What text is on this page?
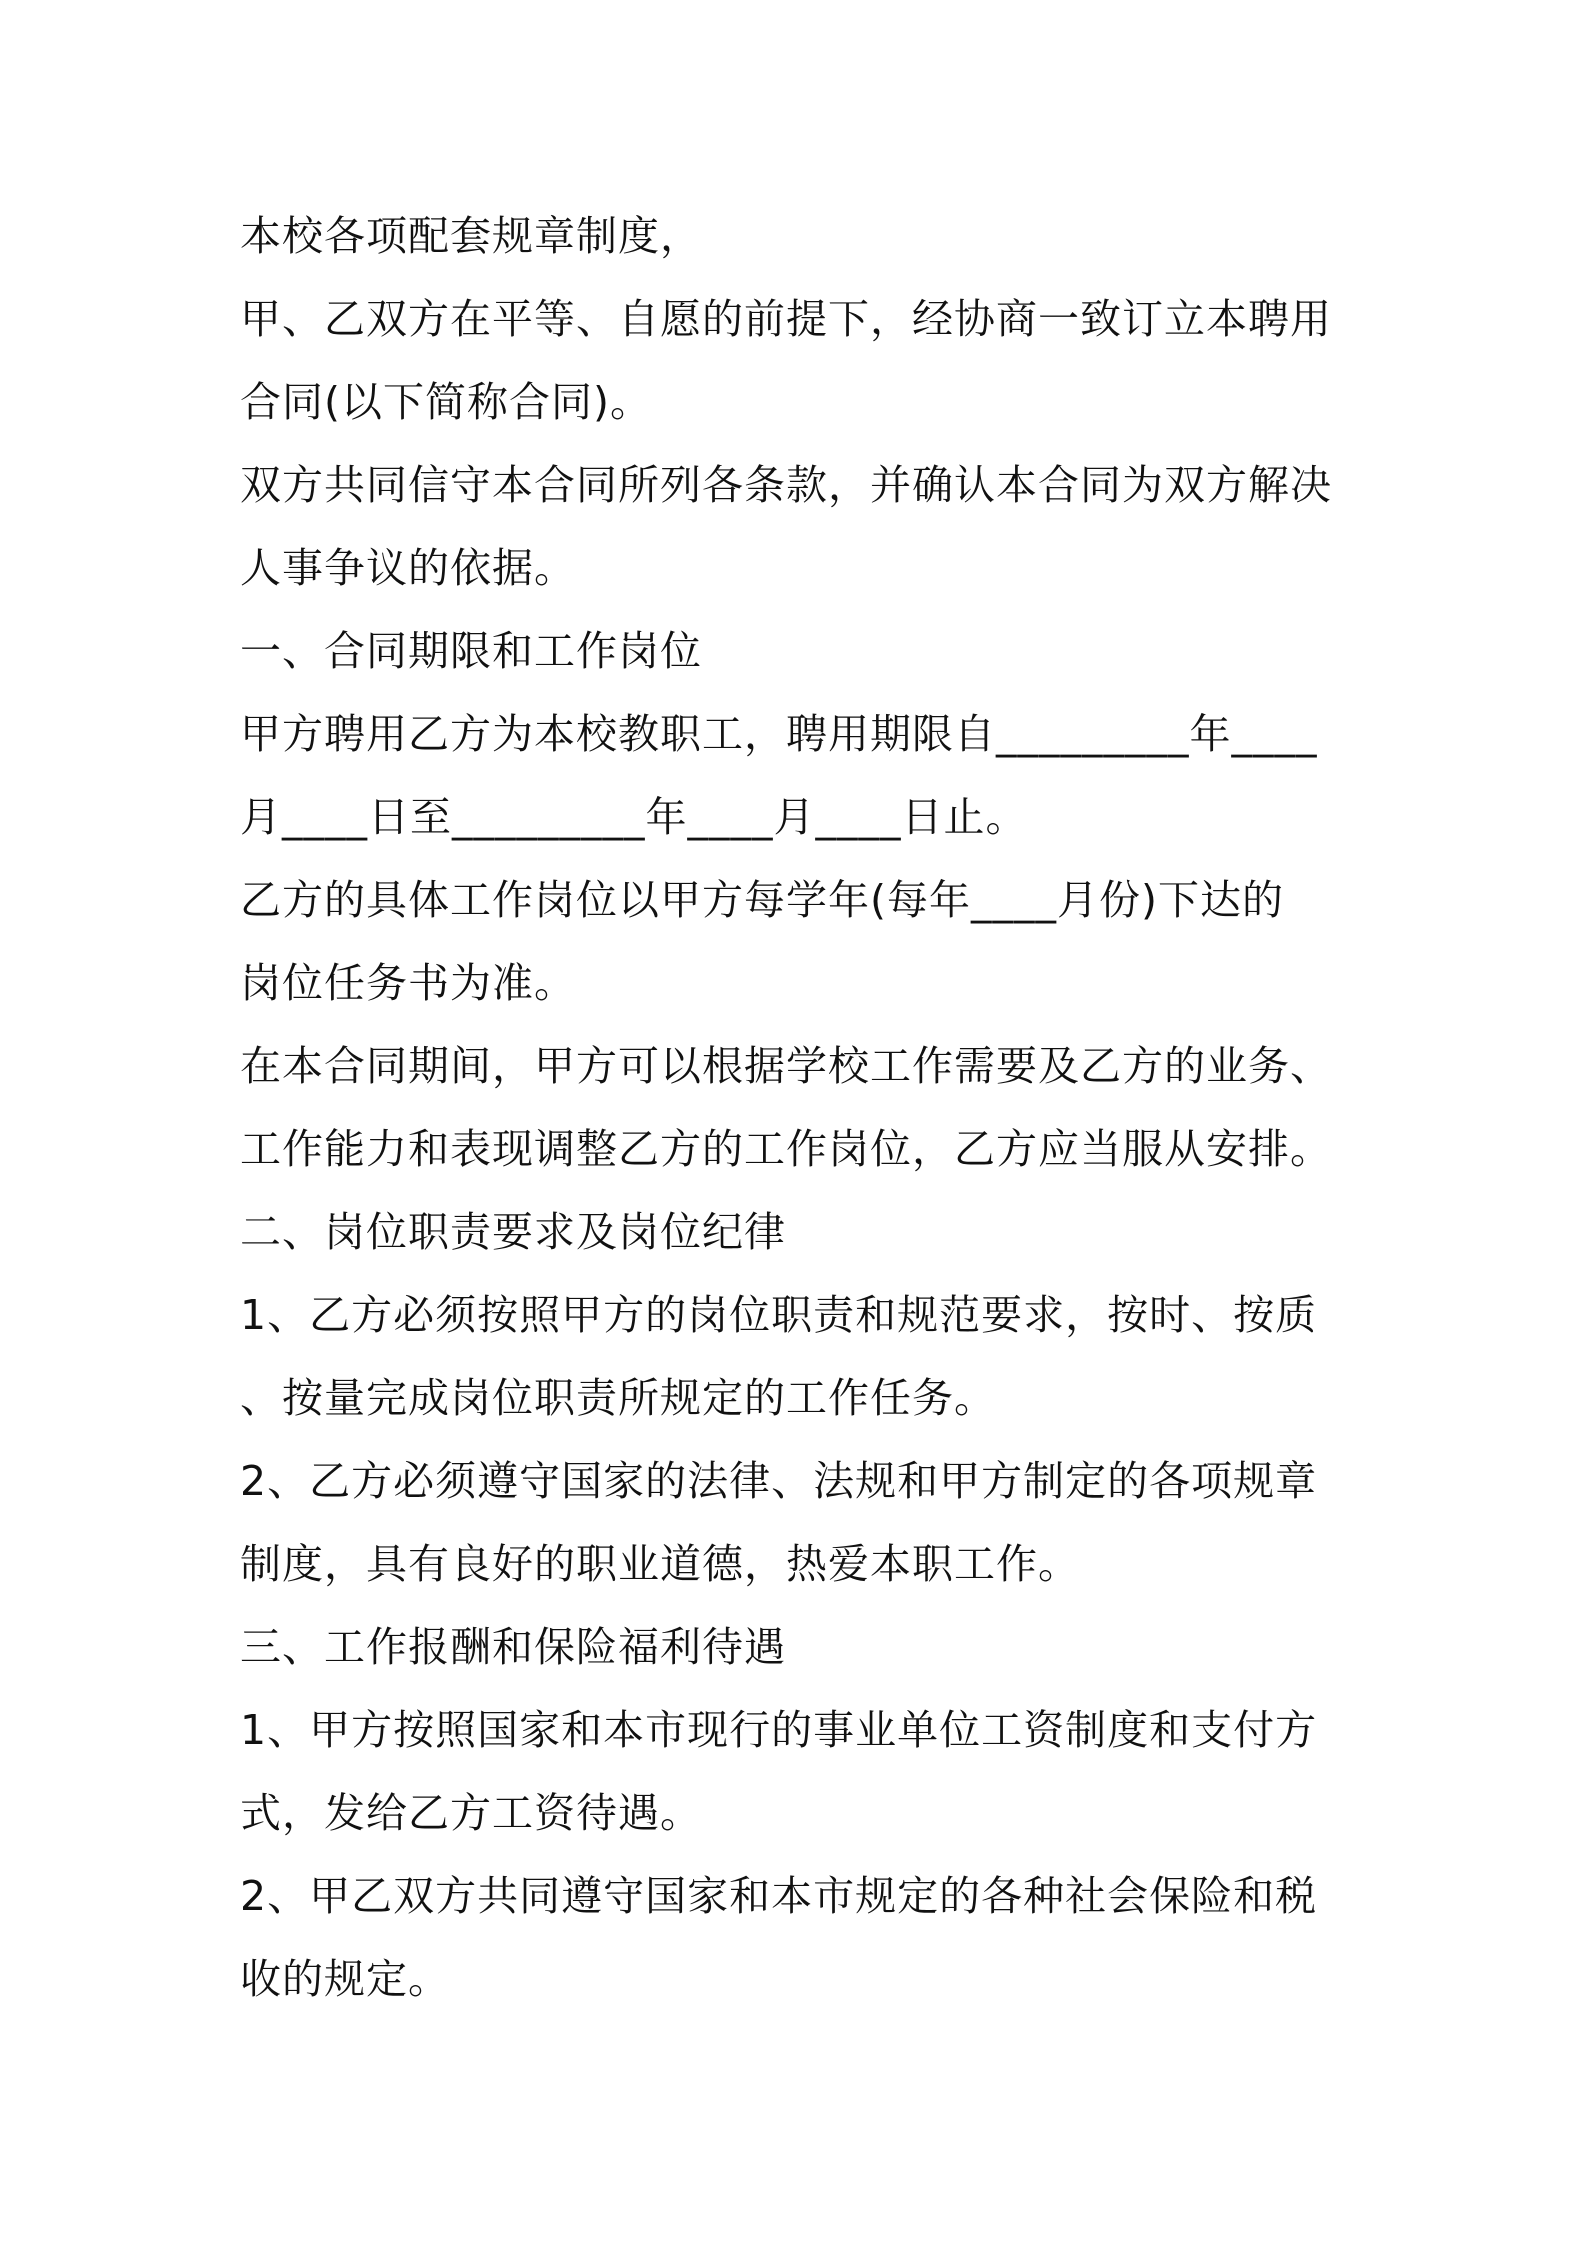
本校各项配套规章制度，

甲、乙双方在平等、自愿的前提下，经协商一致订立本聘用

合同(以下简称合同)。

双方共同信守本合同所列各条款，并确认本合同为双方解决

人事争议的依据。

一、合同期限和工作岗位

甲方聘用乙方为本校教职工，聘用期限自_________年____

月____日至_________年____月____日止。

乙方的具体工作岗位以甲方每学年(每年____月份)下达的

岗位任务书为准。

在本合同期间，甲方可以根据学校工作需要及乙方的业务、

工作能力和表现调整乙方的工作岗位，乙方应当服从安排。

二、岗位职责要求及岗位纪律

1、乙方必须按照甲方的岗位职责和规范要求，按时、按质

、按量完成岗位职责所规定的工作任务。

2、乙方必须遵守国家的法律、法规和甲方制定的各项规章

制度，具有良好的职业道德，热爱本职工作。

三、工作报酬和保险福利待遇

1、甲方按照国家和本市现行的事业单位工资制度和支付方

式，发给乙方工资待遇。

2、甲乙双方共同遵守国家和本市规定的各种社会保险和税

收的规定。
